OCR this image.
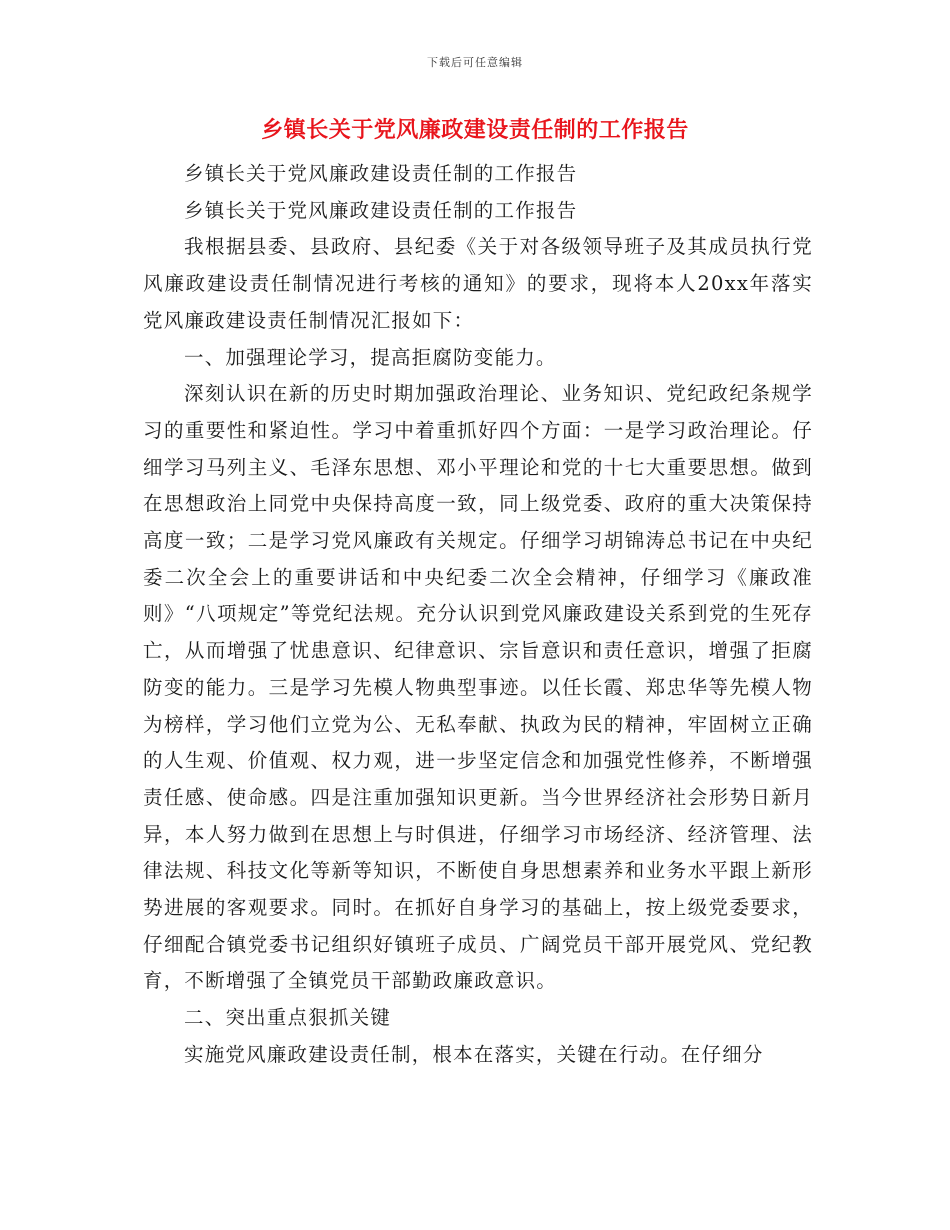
下载后可任意编辑
乡镇长关于党风廉政建设责任制的工作报告

乡镇长关于党风廉政建设责任制的工作报告

乡镇长关于党风廉政建设责任制的工作报告

我根据县委、县政府、县纪委《关于对各级领导班子及其成员执行党风廉政建设责任制情况进行考核的通知》的要求，现将本人20xx年落实党风廉政建设责任制情况汇报如下：

一、加强理论学习，提高拒腐防变能力。

深刻认识在新的历史时期加强政治理论、业务知识、党纪政纪条规学习的重要性和紧迫性。学习中着重抓好四个方面：一是学习政治理论。仔细学习马列主义、毛泽东思想、邓小平理论和党的十七大重要思想。做到在思想政治上同党中央保持高度一致，同上级党委、政府的重大决策保持高度一致；二是学习党风廉政有关规定。仔细学习胡锦涛总书记在中央纪委二次全会上的重要讲话和中央纪委二次全会精神，仔细学习《廉政准则》“八项规定”等党纪法规。充分认识到党风廉政建设关系到党的生死存亡，从而增强了忧患意识、纪律意识、宗旨意识和责任意识，增强了拒腐防变的能力。三是学习先模人物典型事迹。以任长霞、郑忠华等先模人物为榜样，学习他们立党为公、无私奉献、执政为民的精神，牢固树立正确的人生观、价值观、权力观，进一步坚定信念和加强党性修养，不断增强责任感、使命感。四是注重加强知识更新。当今世界经济社会形势日新月异，本人努力做到在思想上与时俱进，仔细学习市场经济、经济管理、法律法规、科技文化等新等知识，不断使自身思想素养和业务水平跟上新形势进展的客观要求。同时。在抓好自身学习的基础上，按上级党委要求，仔细配合镇党委书记组织好镇班子成员、广阔党员干部开展党风、党纪教育，不断增强了全镇党员干部勤政廉政意识。

二、突出重点狠抓关键

实施党风廉政建设责任制，根本在落实，关键在行动。在仔细分
